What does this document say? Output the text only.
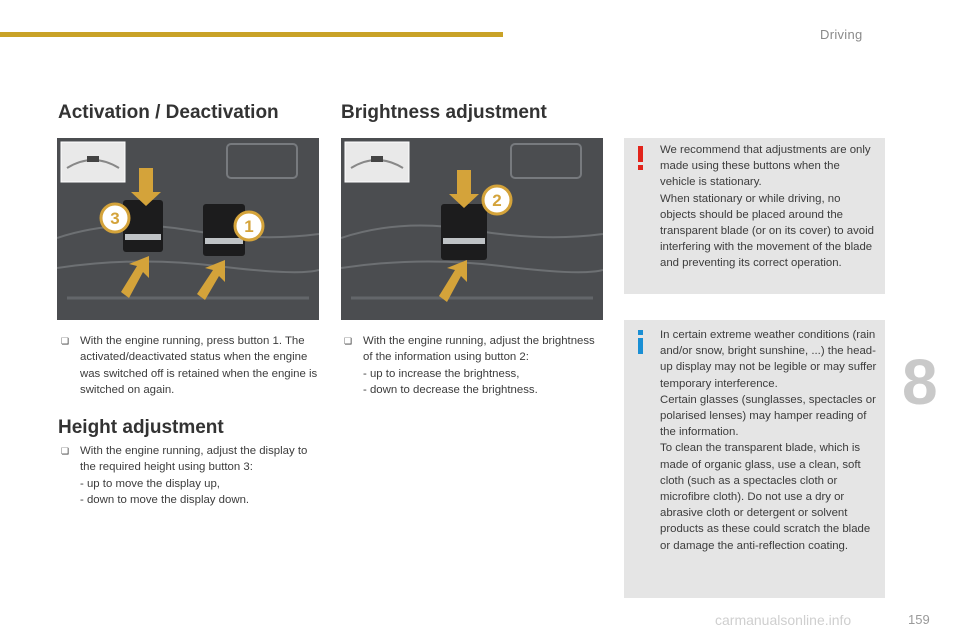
Driving
Activation / Deactivation
3	1

❏ With the engine running, press button 1. The activated/deactivated status when the engine was switched off is retained when the engine is switched on again.

Height adjustment

❏ With the engine running, adjust the display to the required height using button 3:

- up to move the display up,

- down to move the display down.

Brightness adjustment
2

❏ With the engine running, adjust the brightness of the information using button 2:

- up to increase the brightness,

- down to decrease the brightness.

We recommend that adjustments are only made using these buttons when the vehicle is stationary.

When stationary or while driving, no objects should be placed around the transparent blade (or on its cover) to avoid interfering with the movement of the blade and preventing its correct operation.

In certain extreme weather conditions (rain and/or snow, bright sunshine, ...) the head-up display may not be legible or may suffer temporary interference.

Certain glasses (sunglasses, spectacles or polarised lenses) may hamper reading of the information.

To clean the transparent blade, which is made of organic glass, use a clean, soft cloth (such as a spectacles cloth or microfibre cloth). Do not use a dry or abrasive cloth or detergent or solvent products as these could scratch the blade or damage the anti-reflection coating.

8
carmanualsonline.info	159
